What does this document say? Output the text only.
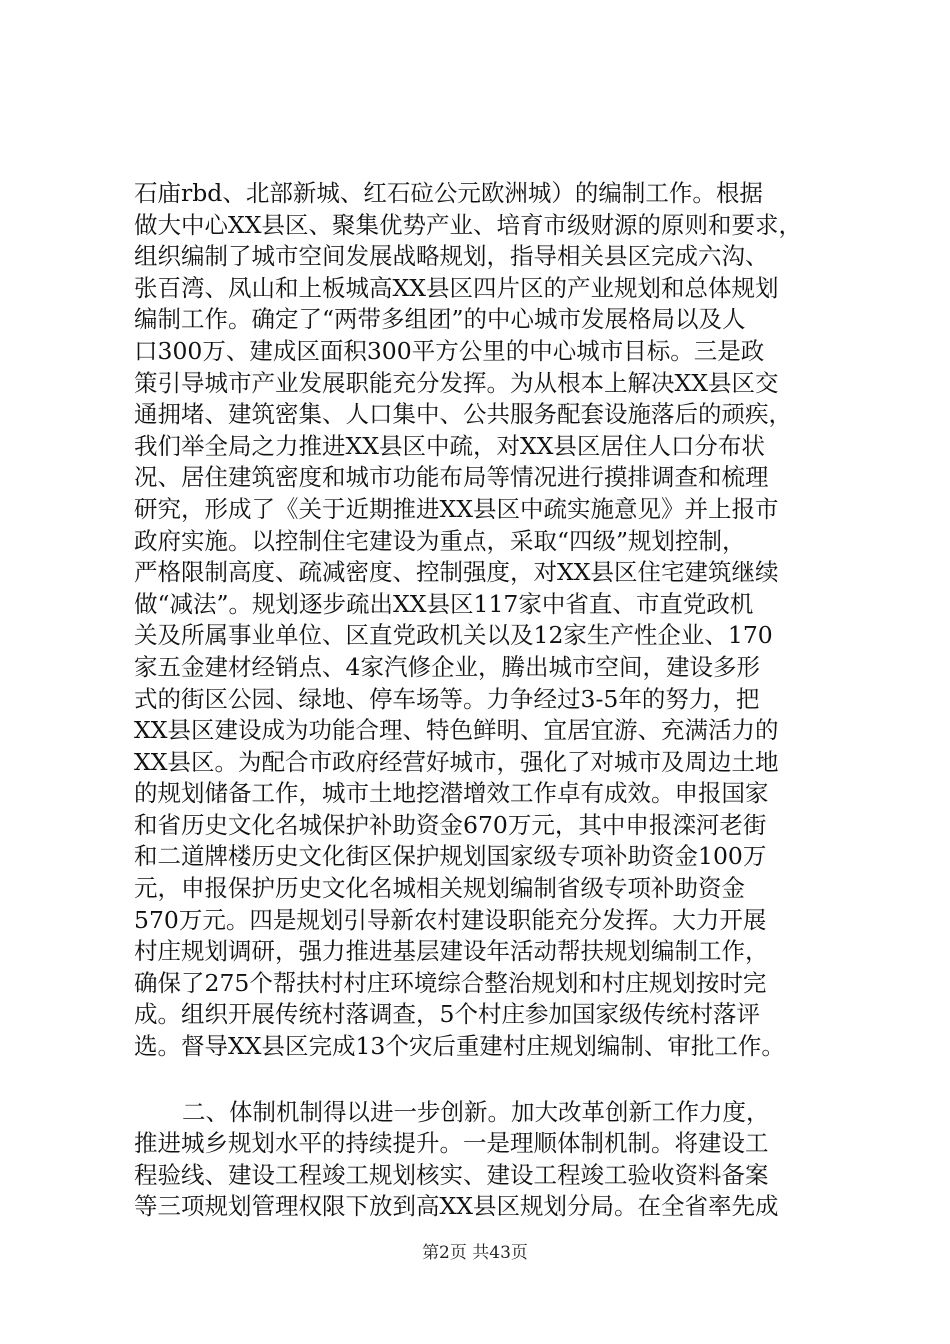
石庙rbd、北部新城、红石砬公元欧洲城）的编制工作。根据
做大中心XX县区、聚集优势产业、培育市级财源的原则和要求，
组织编制了城市空间发展战略规划，指导相关县区完成六沟、
张百湾、凤山和上板城高XX县区四片区的产业规划和总体规划
编制工作。确定了“两带多组团”的中心城市发展格局以及人
口300万、建成区面积300平方公里的中心城市目标。三是政
策引导城市产业发展职能充分发挥。为从根本上解决XX县区交
通拥堵、建筑密集、人口集中、公共服务配套设施落后的顽疾，
我们举全局之力推进XX县区中疏，对XX县区居住人口分布状
况、居住建筑密度和城市功能布局等情况进行摸排调查和梳理
研究，形成了《关于近期推进XX县区中疏实施意见》并上报市
政府实施。以控制住宅建设为重点，采取“四级”规划控制，
严格限制高度、疏减密度、控制强度，对XX县区住宅建筑继续
做“减法”。规划逐步疏出XX县区117家中省直、市直党政机
关及所属事业单位、区直党政机关以及12家生产性企业、170
家五金建材经销点、4家汽修企业，腾出城市空间，建设多形
式的街区公园、绿地、停车场等。力争经过3-5年的努力，把
XX县区建设成为功能合理、特色鲜明、宜居宜游、充满活力的
XX县区。为配合市政府经营好城市，强化了对城市及周边土地
的规划储备工作，城市土地挖潜增效工作卓有成效。申报国家
和省历史文化名城保护补助资金670万元，其中申报滦河老街
和二道牌楼历史文化街区保护规划国家级专项补助资金100万
元，申报保护历史文化名城相关规划编制省级专项补助资金
570万元。四是规划引导新农村建设职能充分发挥。大力开展
村庄规划调研，强力推进基层建设年活动帮扶规划编制工作，
确保了275个帮扶村村庄环境综合整治规划和村庄规划按时完
成。组织开展传统村落调查，5个村庄参加国家级传统村落评
选。督导XX县区完成13个灾后重建村庄规划编制、审批工作。
二、体制机制得以进一步创新。加大改革创新工作力度，
推进城乡规划水平的持续提升。一是理顺体制机制。将建设工
程验线、建设工程竣工规划核实、建设工程竣工验收资料备案
等三项规划管理权限下放到高XX县区规划分局。在全省率先成
第2页 共43页
